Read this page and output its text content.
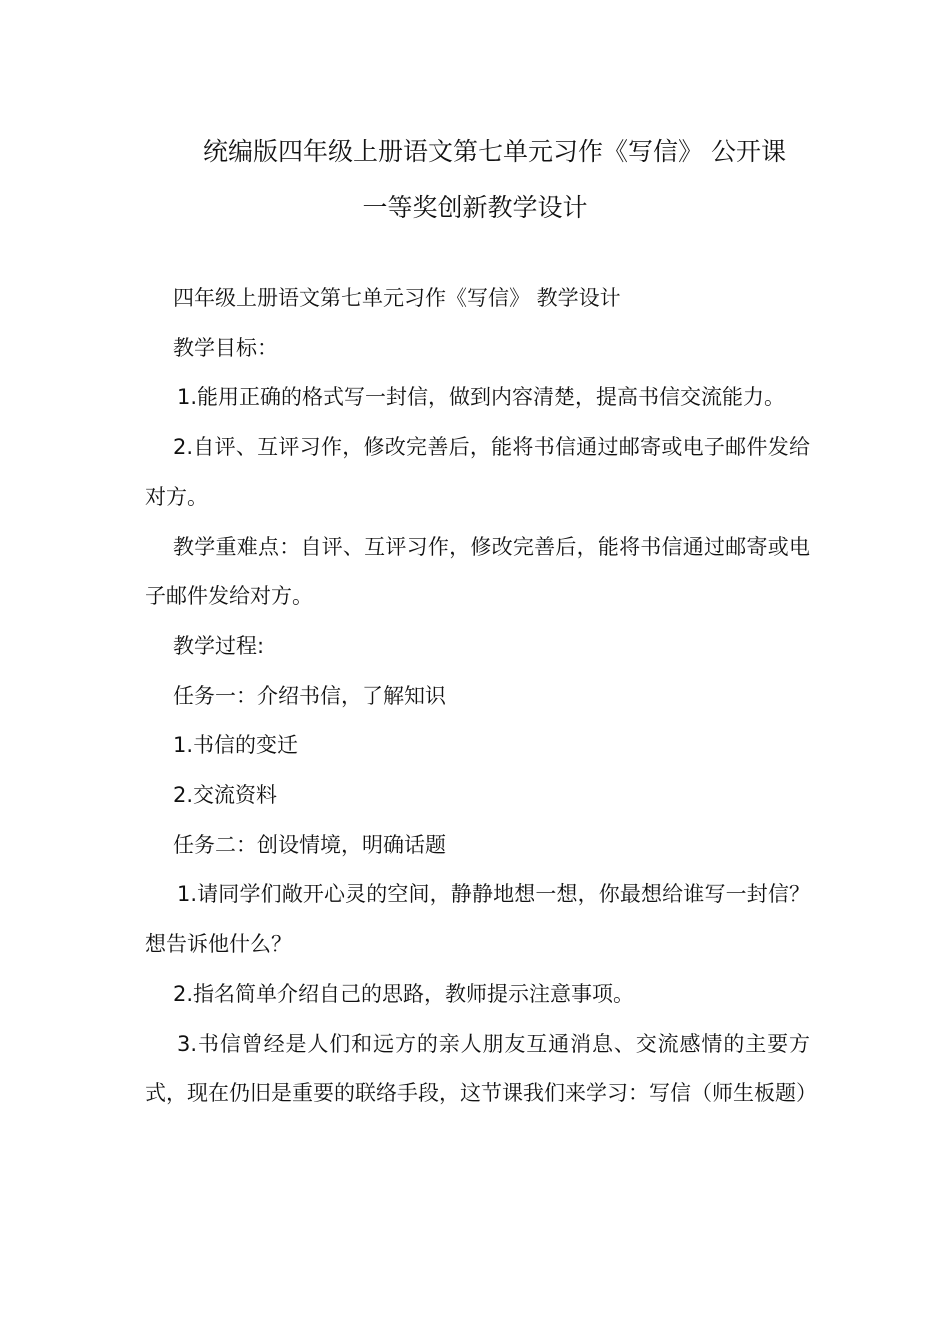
统编版四年级上册语文第七单元习作《写信》 公开课
一等奖创新教学设计

四年级上册语文第七单元习作《写信》 教学设计

教学目标：

1.能用正确的格式写一封信，做到内容清楚，提高书信交流能力。

2.自评、互评习作，修改完善后，能将书信通过邮寄或电子邮件发给对方。

教学重难点：自评、互评习作，修改完善后，能将书信通过邮寄或电子邮件发给对方。

教学过程:

任务一：介绍书信，了解知识

1.书信的变迁

2.交流资料

任务二：创设情境，明确话题

1.请同学们敞开心灵的空间，静静地想一想，你最想给谁写一封信？想告诉他什么？

2.指名简单介绍自己的思路，教师提示注意事项。

3.书信曾经是人们和远方的亲人朋友互通消息、交流感情的主要方式，现在仍旧是重要的联络手段，这节课我们来学习：写信（师生板题）
